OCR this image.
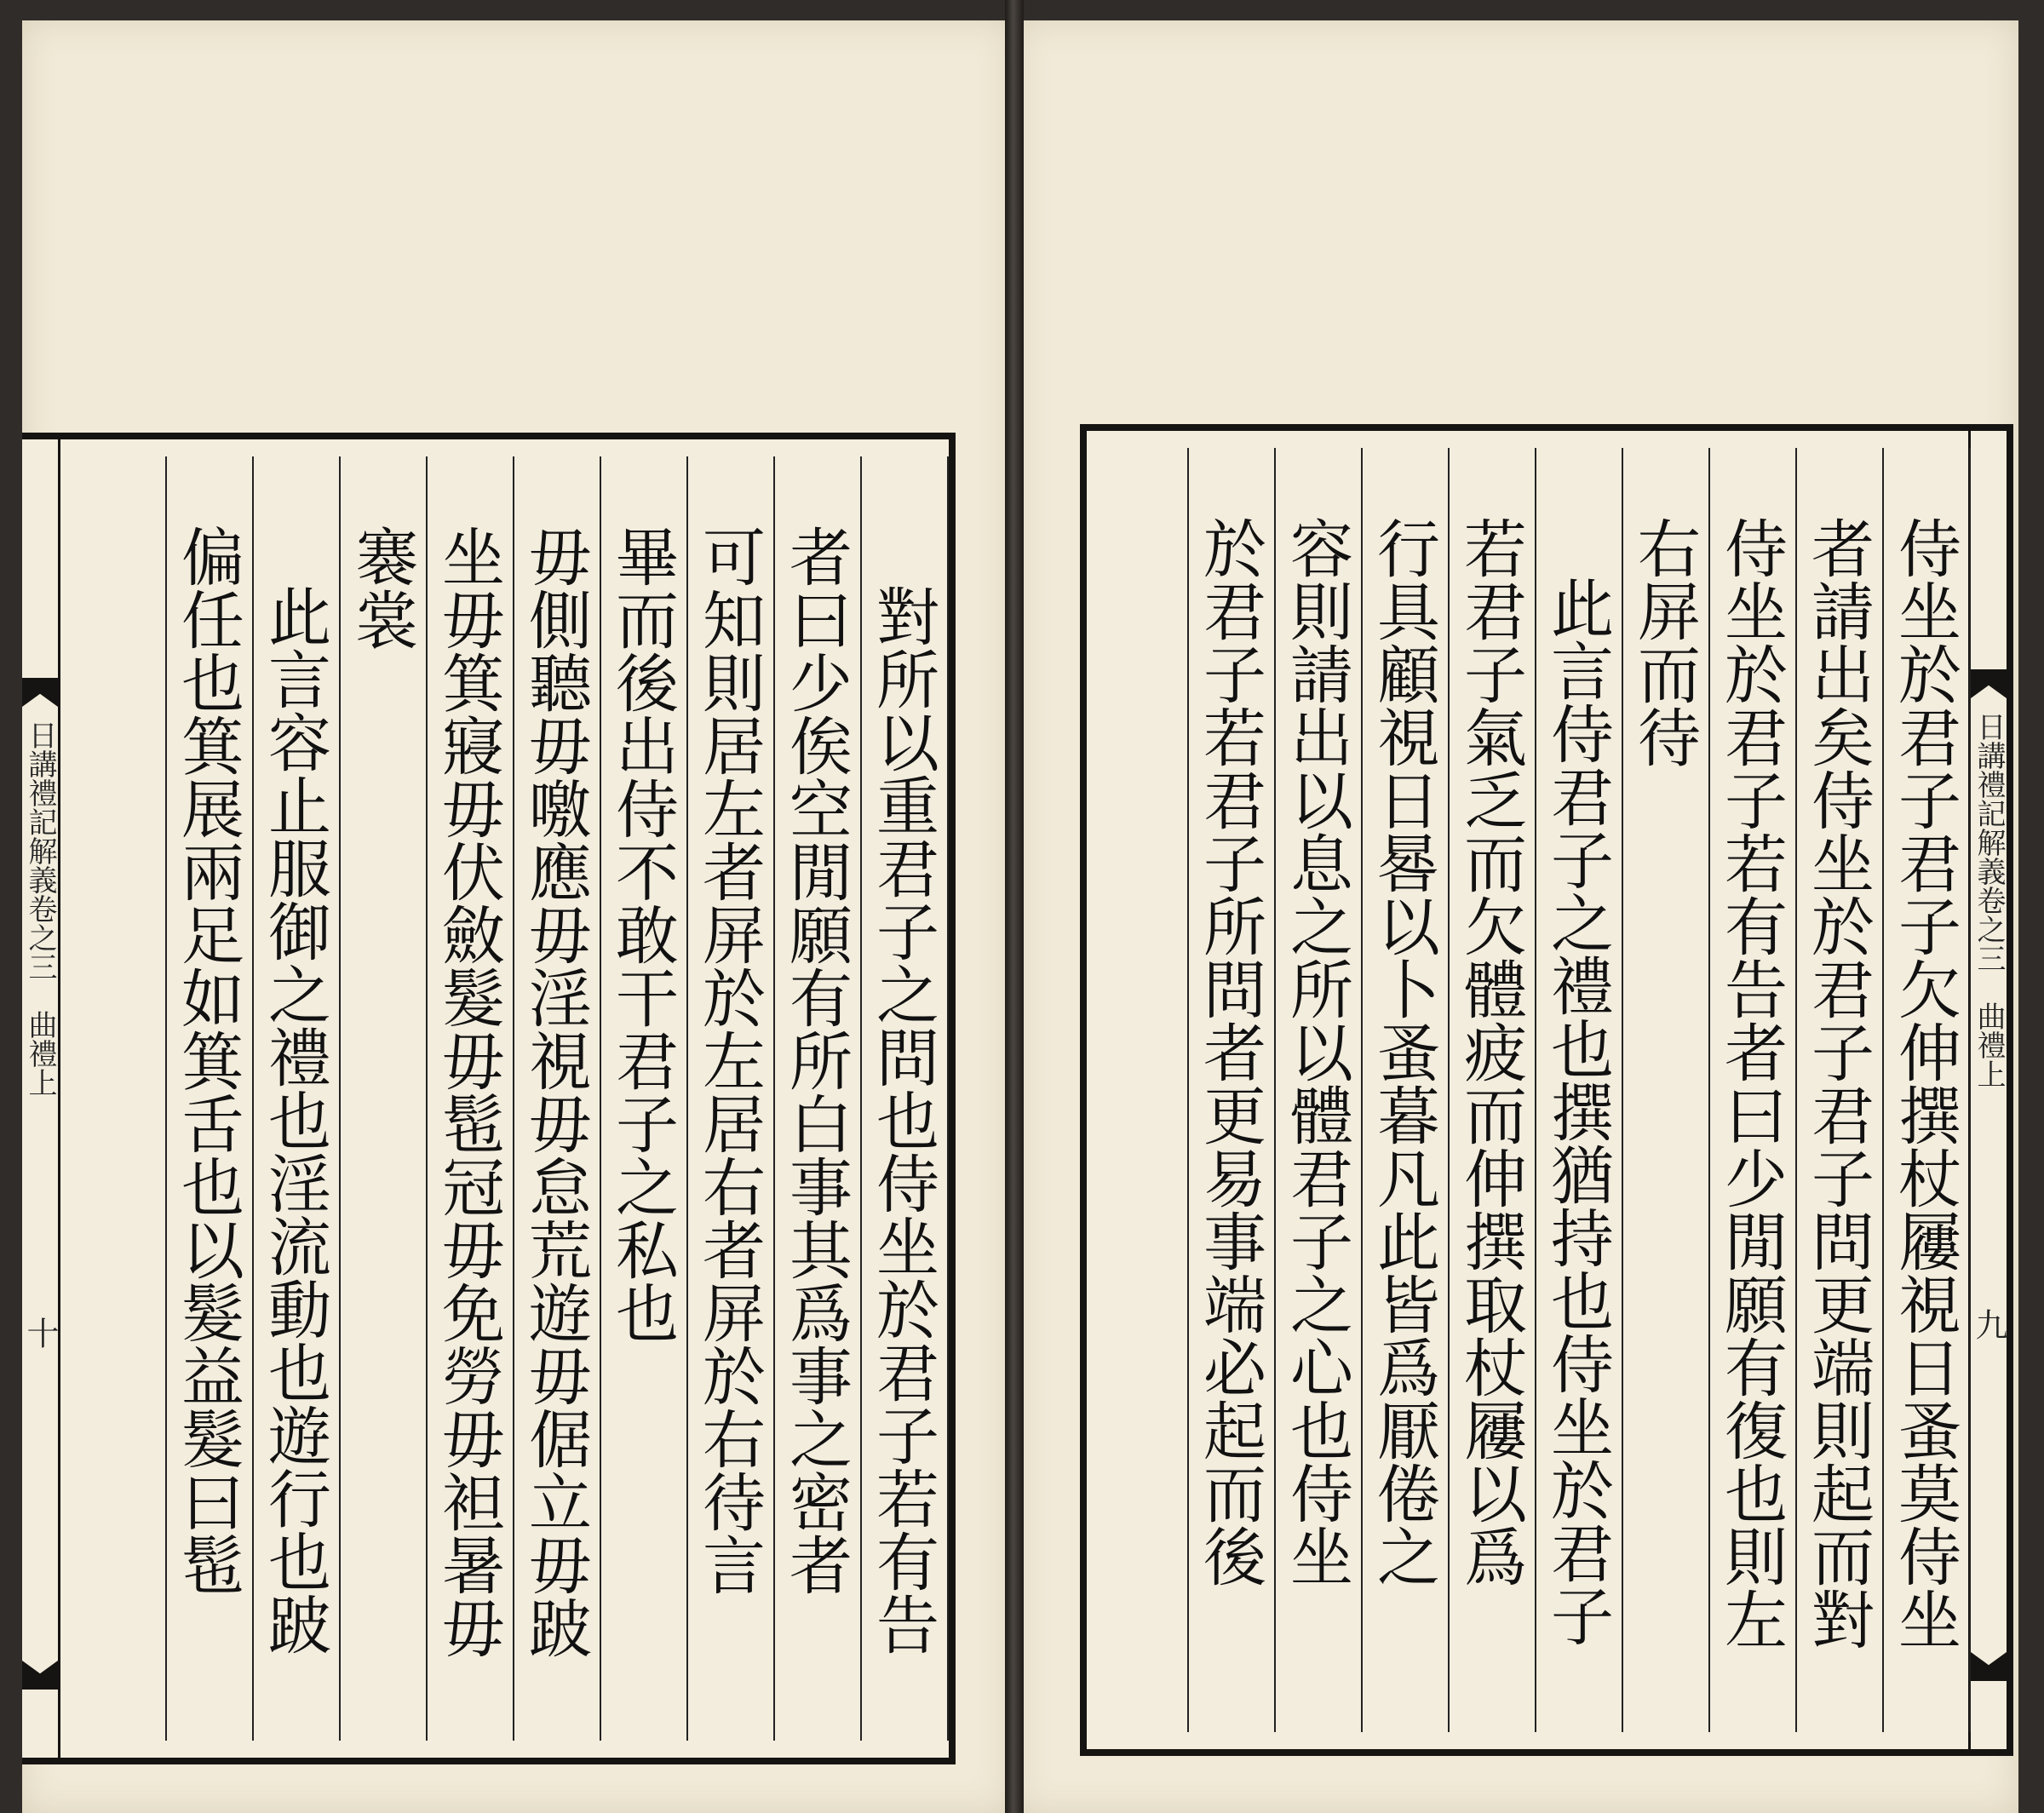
日講禮記解義卷之三　曲禮上
九
侍坐於君子君子欠伸撰杖屨視日蚤莫侍坐
者請出矣侍坐於君子君子問更端則起而對
侍坐於君子若有告者曰少閒願有復也則左
右屏而待
此言侍君子之禮也撰猶持也侍坐於君子
若君子氣乏而欠體疲而伸撰取杖屨以爲
行具顧視日晷以卜蚤暮凡此皆爲厭倦之
容則請出以息之所以體君子之心也侍坐
於君子若君子所問者更易事端必起而後
日講禮記解義卷之三　曲禮上
十	對所以重君子之問也侍坐於君子若有告
者曰少俟空閒願有所白事其爲事之密者
可知則居左者屏於左居右者屏於右待言
畢而後出侍不敢干君子之私也
毋側聽毋噭應毋淫視毋怠荒遊毋倨立毋跛
坐毋箕寢毋伏斂髮毋髢冠毋免勞毋袒暑毋
褰裳
此言容止服御之禮也淫流動也遊行也跛
偏任也箕展兩足如箕舌也以髮益髮曰髢
